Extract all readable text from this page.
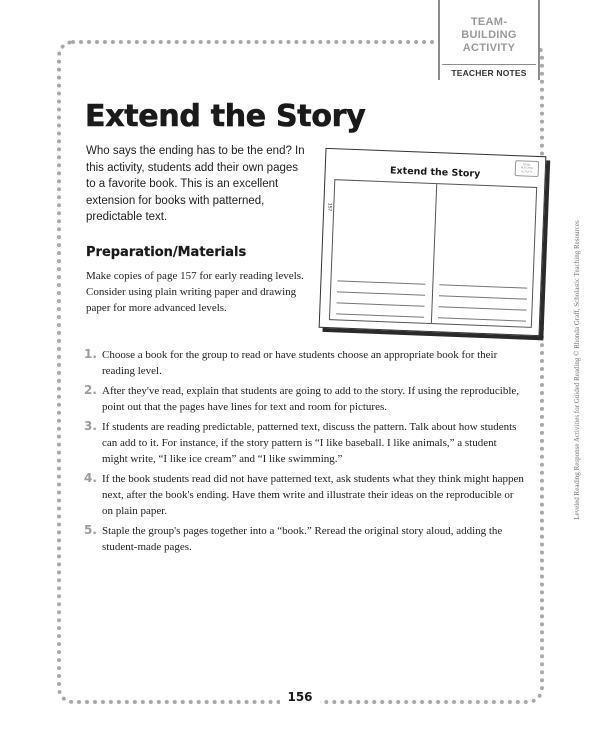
TEAM-
BUILDING
ACTIVITY
TEACHER NOTES
Leveled Reading Response Activities for Guided Reading © Rhonda Graff, Scholastic Teaching Resources
Extend the Story
Who says the ending has to be the end? In this activity, students add their own pages to a favorite book. This is an excellent extension for books with patterned, predictable text.
Preparation/Materials
Make copies of page 157 for early reading levels. Consider using plain writing paper and drawing paper for more advanced levels.
Extend the Story
TEAM-
BUILDING
ACTIVITY
157
1. Choose a book for the group to read or have students choose an appropriate book for their reading level.
2. After they've read, explain that students are going to add to the story. If using the reproducible, point out that the pages have lines for text and room for pictures.
3. If students are reading predictable, patterned text, discuss the pattern. Talk about how students can add to it. For instance, if the story pattern is “I like baseball. I like animals,” a student might write, “I like ice cream” and “I like swimming.”
4. If the book students read did not have patterned text, ask students what they think might happen next, after the book's ending. Have them write and illustrate their ideas on the reproducible or on plain paper.
5. Staple the group's pages together into a “book.” Reread the original story aloud, adding the student-made pages.
156
